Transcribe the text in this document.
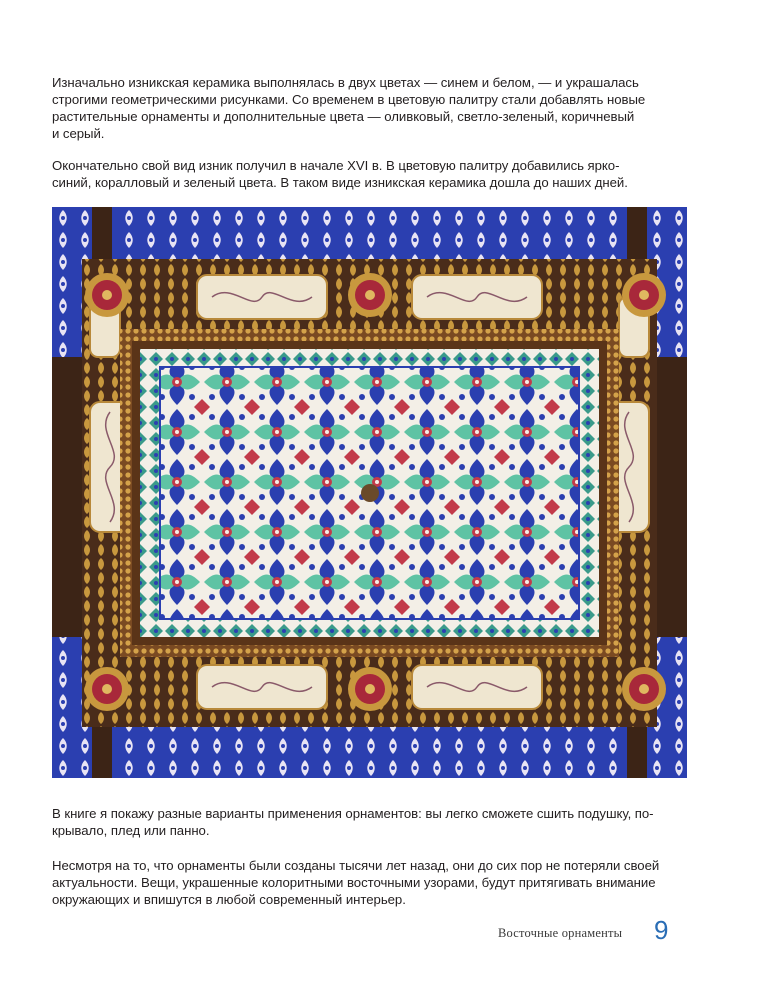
Изначально изникская керамика выполнялась в двух цветах — синем и белом, — и украшалась
строгими геометрическими рисунками. Со временем в цветовую палитру стали добавлять новые
растительные орнаменты и дополнительные цвета — оливковый, светло-зеленый, коричневый
и серый.

Окончательно свой вид изник получил в начале XVI в. В цветовую палитру добавились ярко-
синий, коралловый и зеленый цвета. В таком виде изникская керамика дошла до наших дней.

В книге я покажу разные варианты применения орнаментов: вы легко сможете сшить подушку, по-
крывало, плед или панно.

Несмотря на то, что орнаменты были созданы тысячи лет назад, они до сих пор не потеряли своей
актуальности. Вещи, украшенные колоритными восточными узорами, будут притягивать внимание
окружающих и впишутся в любой современный интерьер.

Восточные орнаменты 9
